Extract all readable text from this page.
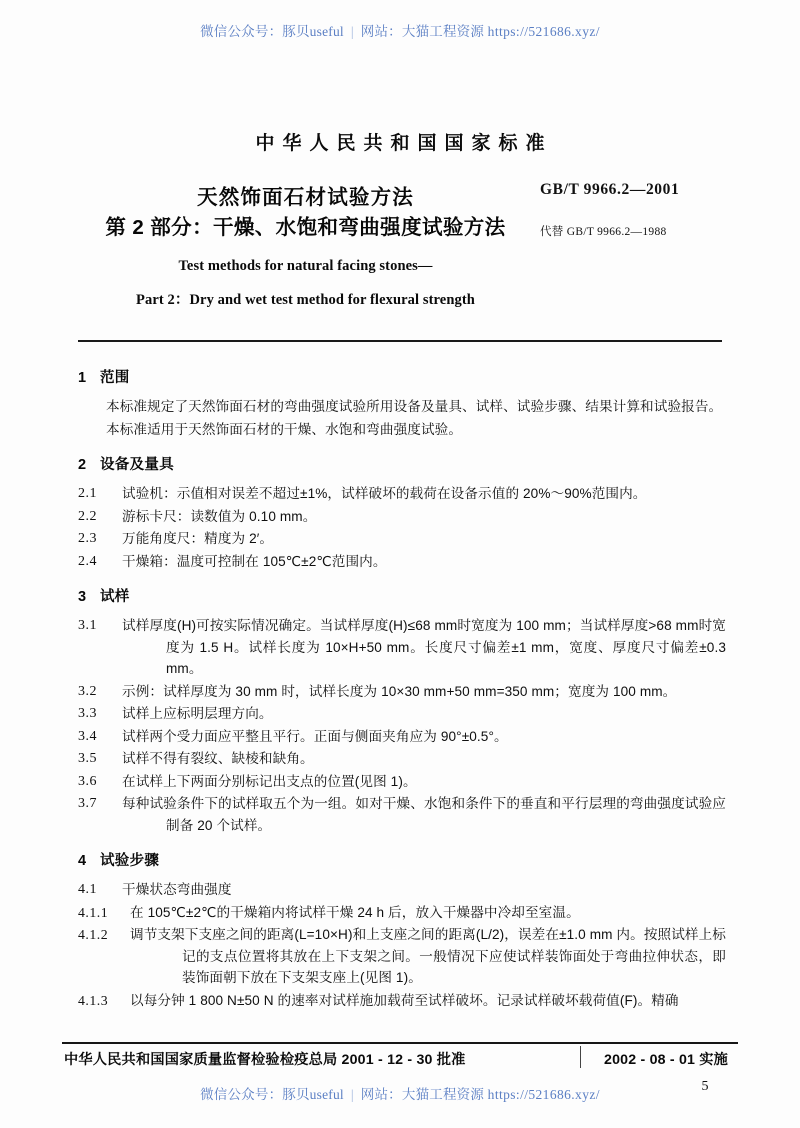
微信公众号：豚贝useful | 网站：大猫工程资源 https://521686.xyz/
中华人民共和国国家标准
天然饰面石材试验方法
第 2 部分：干燥、水饱和弯曲强度试验方法
GB/T 9966.2—2001
代替 GB/T 9966.2—1988
Test methods for natural facing stones—
Part 2：Dry and wet test method for flexural strength
1 范围

本标准规定了天然饰面石材的弯曲强度试验所用设备及量具、试样、试验步骤、结果计算和试验报告。

本标准适用于天然饰面石材的干燥、水饱和弯曲强度试验。

2 设备及量具
2.1 试验机：示值相对误差不超过±1%，试样破坏的载荷在设备示值的 20%～90%范围内。
2.2 游标卡尺：读数值为 0.10 mm。
2.3 万能角度尺：精度为 2′。
2.4 干燥箱：温度可控制在 105℃±2℃范围内。
3 试样
3.1 试样厚度(H)可按实际情况确定。当试样厚度(H)≤68 mm时宽度为 100 mm；当试样厚度>68 mm时宽度为 1.5 H。试样长度为 10×H+50 mm。长度尺寸偏差±1 mm，宽度、厚度尺寸偏差±0.3 mm。
3.2 示例：试样厚度为 30 mm 时，试样长度为 10×30 mm+50 mm=350 mm；宽度为 100 mm。
3.3 试样上应标明层理方向。
3.4 试样两个受力面应平整且平行。正面与侧面夹角应为 90°±0.5°。
3.5 试样不得有裂纹、缺棱和缺角。
3.6 在试样上下两面分别标记出支点的位置(见图 1)。
3.7 每种试验条件下的试样取五个为一组。如对干燥、水饱和条件下的垂直和平行层理的弯曲强度试验应制备 20 个试样。
4 试验步骤
4.1 干燥状态弯曲强度
4.1.1 在 105℃±2℃的干燥箱内将试样干燥 24 h 后，放入干燥器中冷却至室温。
4.1.2 调节支架下支座之间的距离(L=10×H)和上支座之间的距离(L/2)，误差在±1.0 mm 内。按照试样上标记的支点位置将其放在上下支架之间。一般情况下应使试样装饰面处于弯曲拉伸状态，即装饰面朝下放在下支架支座上(见图 1)。
4.1.3 以每分钟 1 800 N±50 N 的速率对试样施加载荷至试样破坏。记录试样破坏载荷值(F)。精确
中华人民共和国国家质量监督检验检疫总局 2001 - 12 - 30 批准	2002 - 08 - 01 实施
微信公众号：豚贝useful | 网站：大猫工程资源 https://521686.xyz/
5
